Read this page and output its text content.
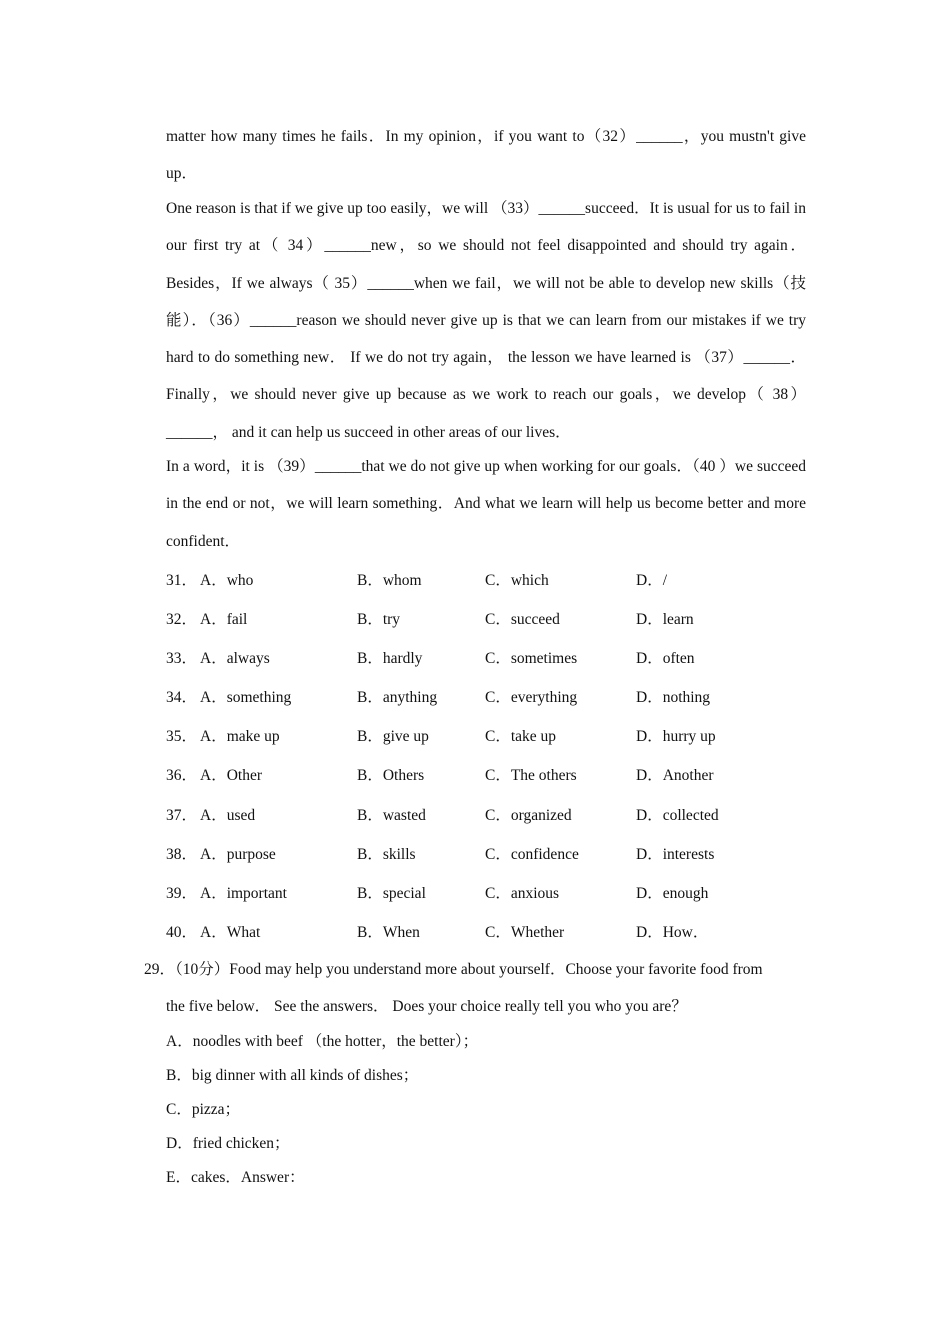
matter how many times he fails．In my opinion，if you want to（32）______，you mustn't give up．

One reason is that if we give up too easily，we will （33）______succeed．It is usual for us to fail in our first try at（ 34）______new，so we should not feel disappointed and should try again．Besides，If we always（ 35）______when we fail，we will not be able to develop new skills（技能）．（36）______reason we should never give up is that we can learn from our mistakes if we try hard to do something new． If we do not try again， the lesson we have learned is （37）______． Finally，we should never give up because as we work to reach our goals，we develop（ 38）______， and it can help us succeed in other areas of our lives．

In a word，it is （39）______that we do not give up when working for our goals．（40 ）we succeed in the end or not，we will learn something．And what we learn will help us become better and more confident．

31． A．who	B．whom	C．which	D．/
32． A．fail	B．try	C．succeed	D．learn
33． A．always	B．hardly	C．sometimes	D．often
34． A．something	B．anything	C．everything	D．nothing
35． A．make up	B．give up	C．take up	D．hurry up
36． A．Other	B．Others	C．The others	D．Another
37． A．used	B．wasted	C．organized	D．collected
38． A．purpose	B．skills	C．confidence	D．interests
39． A．important	B．special	C．anxious	D．enough
40． A．What	B．When	C．Whether	D．How．
29．（10分）Food may help you understand more about yourself．Choose your favorite food from
the five below． See the answers． Does your choice really tell you who you are？
A．noodles with beef （the hotter，the better）；
B．big dinner with all kinds of dishes；
C．pizza；
D．fried chicken；
E．cakes．Answer：
